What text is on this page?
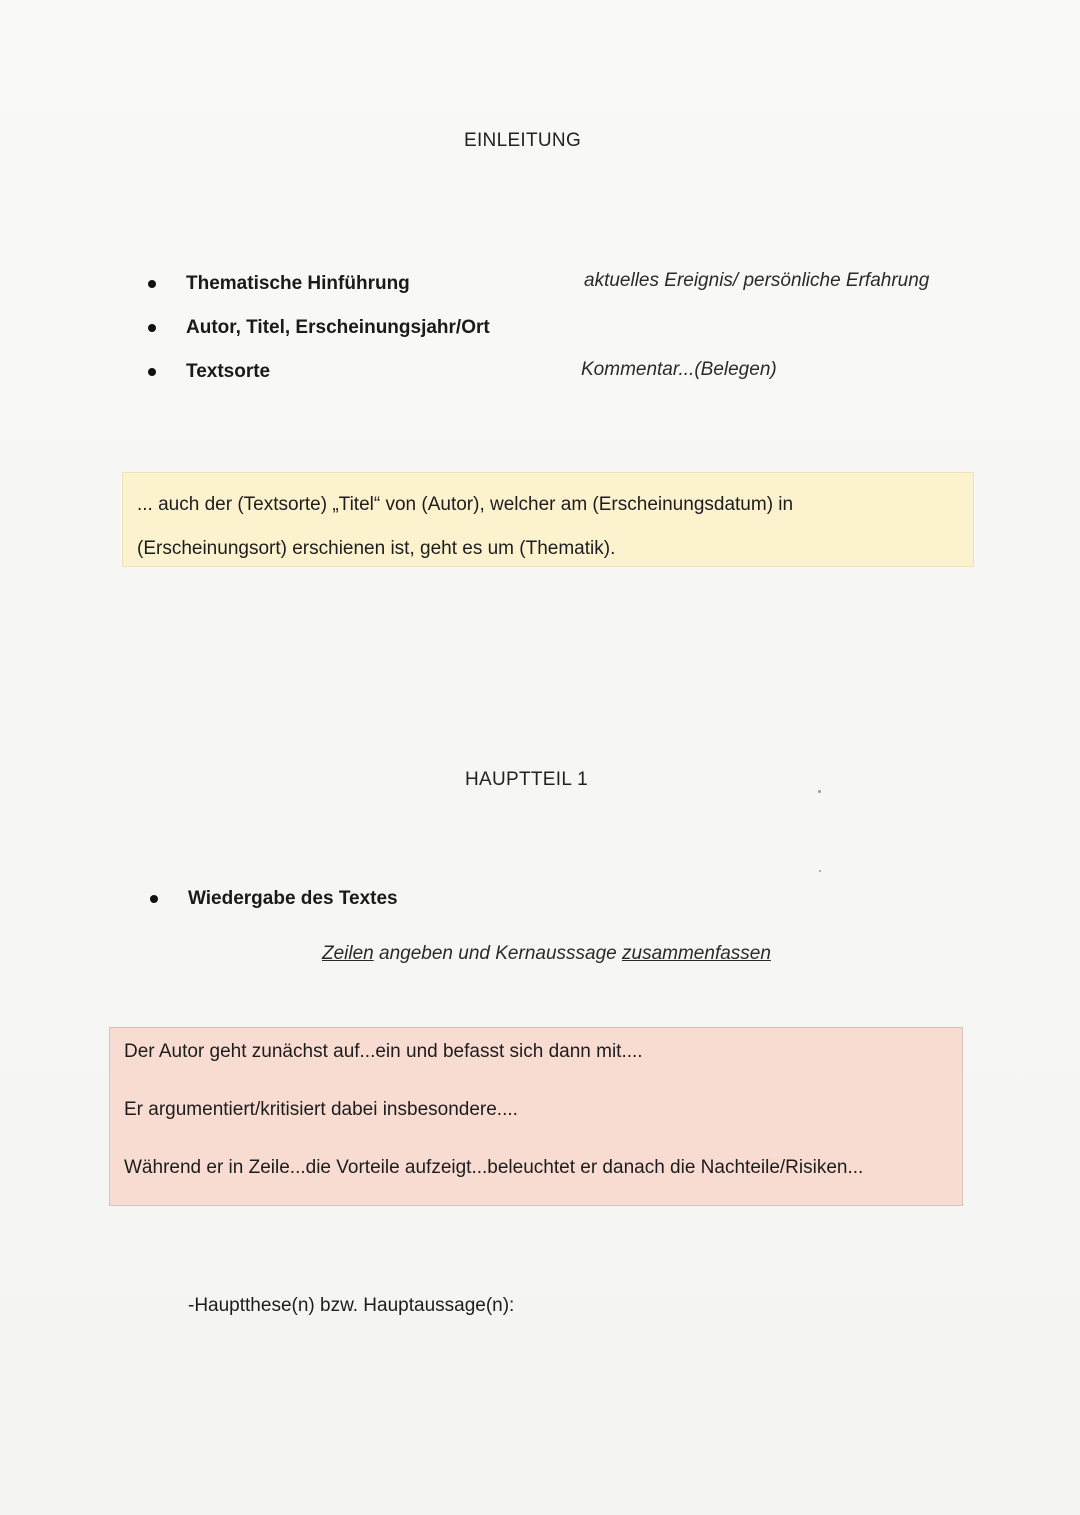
EINLEITUNG
Thematische Hinführung	aktuelles Ereignis/ persönliche Erfahrung
Autor, Titel, Erscheinungsjahr/Ort
Textsorte	Kommentar...(Belegen)
... auch der (Textsorte) „Titel“ von (Autor), welcher am (Erscheinungsdatum) in
(Erscheinungsort) erschienen ist, geht es um (Thematik).
HAUPTTEIL 1
Wiedergabe des Textes
Zeilen angeben und Kernausssage zusammenfassen

Der Autor geht zunächst auf...ein und befasst sich dann mit....

Er argumentiert/kritisiert dabei insbesondere....

Während er in Zeile...die Vorteile aufzeigt...beleuchtet er danach die Nachteile/Risiken...

-Hauptthese(n) bzw. Hauptaussage(n):
